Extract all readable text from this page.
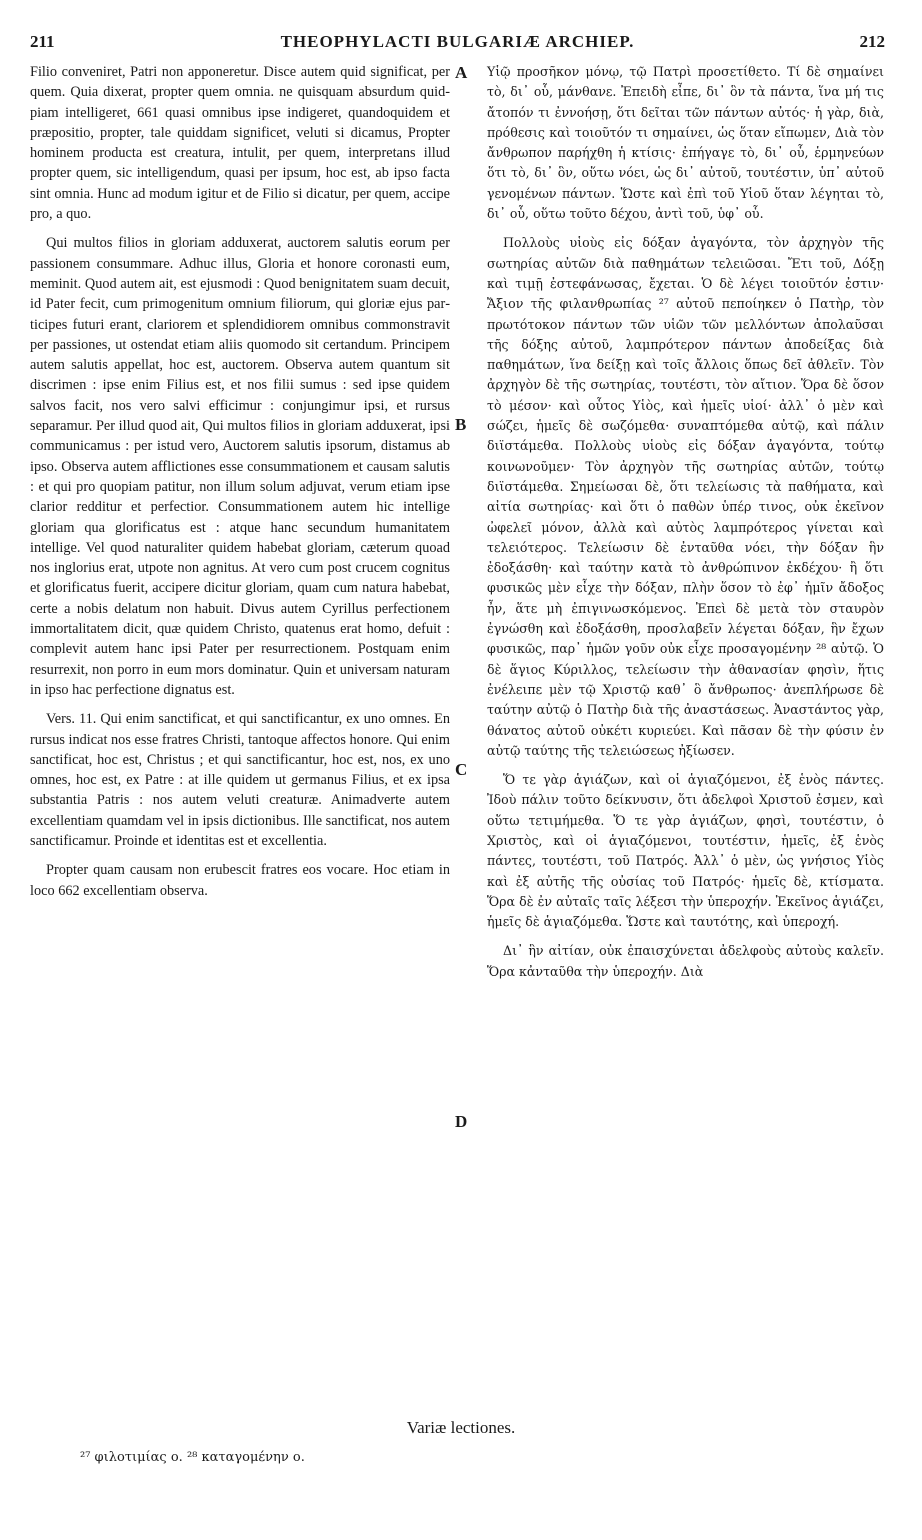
211	THEOPHYLACTI BULGARIÆ ARCHIEP.	212

Filio conveniret, Patri non apponeretur. Disce autem quid significat, per quem. Quia dixerat, propter quem omnia. ne quisquam absurdum quidpiam intelligeret, 661 quasi omnibus ipse indigeret, quandoquidem et præpositio, propter, tale quiddam significet, veluti si dicamus, Propter hominem producta est creatura, intulit, per quem, interpretans illud propter quem, sic intelligendum, quasi per ipsum, hoc est, ab ipso facta sint omnia. Hunc ad modum igitur et de Filio si dicatur, per quem, accipe pro, a quo.

Qui multos filios in gloriam adduxerat, auctorem salutis eorum per passionem consummare. Adhuc illus, Gloria et honore coronasti eum, meminit. Quod autem ait, est ejusmodi : Quod benignitatem suam decuit, id Pater fecit, cum primogenitum omnium filiorum, qui gloriæ ejus participes futuri erant, clariorem et splendidiorem omnibus commonstravit per passiones, ut ostendat etiam aliis quomodo sit certandum. Principem autem salutis appellat, hoc est, auctorem. Observa autem quantum sit discrimen : ipse enim Filius est, et nos filii sumus : sed ipse quidem salvos facit, nos vero salvi efficimur : conjungimur ipsi, et rursus separamur. Per illud quod ait, Qui multos filios in gloriam adduxerat, ipsi communicamus : per istud vero, Auctorem salutis ipsorum, distamus ab ipso. Observa autem afflictiones esse consummationem et causam salutis : et qui pro quopiam patitur, non illum solum adjuvat, verum etiam ipse clarior redditur et perfectior. Consummationem autem hic intellige gloriam qua glorificatus est : atque hanc secundum humanitatem intellige. Vel quod naturaliter quidem habebat gloriam, cæterum quoad nos inglorius erat, utpote non agnitus. At vero cum post crucem cognitus et glorificatus fuerit, accipere dicitur gloriam, quam cum natura habebat, certe a nobis delatum non habuit. Divus autem Cyrillus perfectionem immortalitatem dicit, quæ quidem Christo, quatenus erat homo, defuit : complevit autem hanc ipsi Pater per resurrectionem. Postquam enim resurrexit, non porro in eum mors dominatur. Quin et universam naturam in ipso hac perfectione dignatus est.

Vers. 11. Qui enim sanctificat, et qui sanctificantur, ex uno omnes. En rursus indicat nos esse fratres Christi, tantoque affectos honore. Qui enim sanctificat, hoc est, Christus ; et qui sanctificantur, hoc est, nos, ex uno omnes, hoc est, ex Patre : at ille quidem ut germanus Filius, et ex ipsa substantia Patris : nos autem veluti creaturæ. Animadverte autem excellentiam quamdam vel in ipsis dictionibus. Ille sanctificat, nos autem sanctificamur. Proinde et identitas est et excellentia.

Propter quam causam non erubescit fratres eos vocare. Hoc etiam in loco 662 excellentiam observa.

Υἱῷ προσῆκον μόνῳ, τῷ Πατρὶ προσετίθετο. Τί δὲ σημαίνει τὸ, δι᾽ οὗ, μάνθανε. Ἐπειδὴ εἶπε, δι᾽ ὃν τὰ πάντα, ἵνα μή τις ἄτοπόν τι ἐννοήσῃ, ὅτι δεῖται τῶν πάντων αὐτός· ἡ γὰρ, διὰ, πρόθεσις καὶ τοιοῦτόν τι σημαίνει, ὡς ὅταν εἴπωμεν, Διὰ τὸν ἄνθρωπον παρήχθη ἡ κτίσις· ἐπήγαγε τὸ, δι᾽ οὗ, ἑρμηνεύων ὅτι τὸ, δι᾽ ὃν, οὕτω νόει, ὡς δι᾽ αὐτοῦ, τουτέστιν, ὑπ᾽ αὐτοῦ γενομένων πάντων. Ὥστε καὶ ἐπὶ τοῦ Υἱοῦ ὅταν λέγηται τὸ, δι᾽ οὗ, οὕτω τοῦτο δέχου, ἀντὶ τοῦ, ὑφ᾽ οὗ.

Πολλοὺς υἱοὺς εἰς δόξαν ἀγαγόντα, τὸν ἀρχηγὸν τῆς σωτηρίας αὐτῶν διὰ παθημάτων τελειῶσαι. Ἔτι τοῦ, Δόξῃ καὶ τιμῇ ἐστεφάνωσας, ἔχεται. Ὁ δὲ λέγει τοιοῦτόν ἐστιν· Ἄξιον τῆς φιλανθρωπίας ²⁷ αὐτοῦ πεποίηκεν ὁ Πατὴρ, τὸν πρωτότοκον πάντων τῶν υἱῶν τῶν μελλόντων ἀπολαῦσαι τῆς δόξης αὐτοῦ, λαμπρότερον πάντων ἀποδείξας διὰ παθημάτων, ἵνα δείξῃ καὶ τοῖς ἄλλοις ὅπως δεῖ ἀθλεῖν. Τὸν ἀρχηγὸν δὲ τῆς σωτηρίας, τουτέστι, τὸν αἴτιον. Ὅρα δὲ ὅσον τὸ μέσον· καὶ οὗτος Υἱὸς, καὶ ἡμεῖς υἱοί· ἀλλ᾽ ὁ μὲν καὶ σώζει, ἡμεῖς δὲ σωζόμεθα· συναπτόμεθα αὐτῷ, καὶ πάλιν διϊστάμεθα. Πολλοὺς υἱοὺς εἰς δόξαν ἀγαγόντα, τούτῳ κοινωνοῦμεν· Τὸν ἀρχηγὸν τῆς σωτηρίας αὐτῶν, τούτῳ διϊστάμεθα. Σημείωσαι δὲ, ὅτι τελείωσις τὰ παθήματα, καὶ αἰτία σωτηρίας· καὶ ὅτι ὁ παθὼν ὑπέρ τινος, οὐκ ἐκεῖνον ὠφελεῖ μόνον, ἀλλὰ καὶ αὐτὸς λαμπρότερος γίνεται καὶ τελειότερος. Τελείωσιν δὲ ἐνταῦθα νόει, τὴν δόξαν ἣν ἐδοξάσθη· καὶ ταύτην κατὰ τὸ ἀνθρώπινον ἐκδέχου· ἢ ὅτι φυσικῶς μὲν εἶχε τὴν δόξαν, πλὴν ὅσον τὸ ἐφ᾽ ἡμῖν ἄδοξος ἦν, ἅτε μὴ ἐπιγινωσκόμενος. Ἐπεὶ δὲ μετὰ τὸν σταυρὸν ἐγνώσθη καὶ ἐδοξάσθη, προσλαβεῖν λέγεται δόξαν, ἣν ἔχων φυσικῶς, παρ᾽ ἡμῶν γοῦν οὐκ εἶχε προσαγομένην ²⁸ αὐτῷ. Ὁ δὲ ἅγιος Κύριλλος, τελείωσιν τὴν ἀθανασίαν φησὶν, ἥτις ἐνέλειπε μὲν τῷ Χριστῷ καθ᾽ ὃ ἄνθρωπος· ἀνεπλήρωσε δὲ ταύτην αὐτῷ ὁ Πατὴρ διὰ τῆς ἀναστάσεως. Ἀναστάντος γὰρ, θάνατος αὐτοῦ οὐκέτι κυριεύει. Καὶ πᾶσαν δὲ τὴν φύσιν ἐν αὐτῷ ταύτης τῆς τελειώσεως ἠξίωσεν.

Ὅ τε γὰρ ἁγιάζων, καὶ οἱ ἁγιαζόμενοι, ἐξ ἑνὸς πάντες. Ἰδοὺ πάλιν τοῦτο δείκνυσιν, ὅτι ἀδελφοὶ Χριστοῦ ἐσμεν, καὶ οὕτω τετιμήμεθα. Ὅ τε γὰρ ἁγιάζων, φησὶ, τουτέστιν, ὁ Χριστὸς, καὶ οἱ ἁγιαζόμενοι, τουτέστιν, ἡμεῖς, ἐξ ἑνὸς πάντες, τουτέστι, τοῦ Πατρός. Ἀλλ᾽ ὁ μὲν, ὡς γνήσιος Υἱὸς καὶ ἐξ αὐτῆς τῆς οὐσίας τοῦ Πατρός· ἡμεῖς δὲ, κτίσματα. Ὅρα δὲ ἐν αὐταῖς ταῖς λέξεσι τὴν ὑπεροχήν. Ἐκεῖνος ἁγιάζει, ἡμεῖς δὲ ἁγιαζόμεθα. Ὥστε καὶ ταυτότης, καὶ ὑπεροχή.

Δι᾽ ἣν αἰτίαν, οὐκ ἐπαισχύνεται ἀδελφοὺς αὐτοὺς καλεῖν. Ὅρα κἀνταῦθα τὴν ὑπεροχήν. Διὰ

A
B
C
D
Variæ lectiones.
²⁷ φιλοτιμίας ο. ²⁸ καταγομένην ο.
